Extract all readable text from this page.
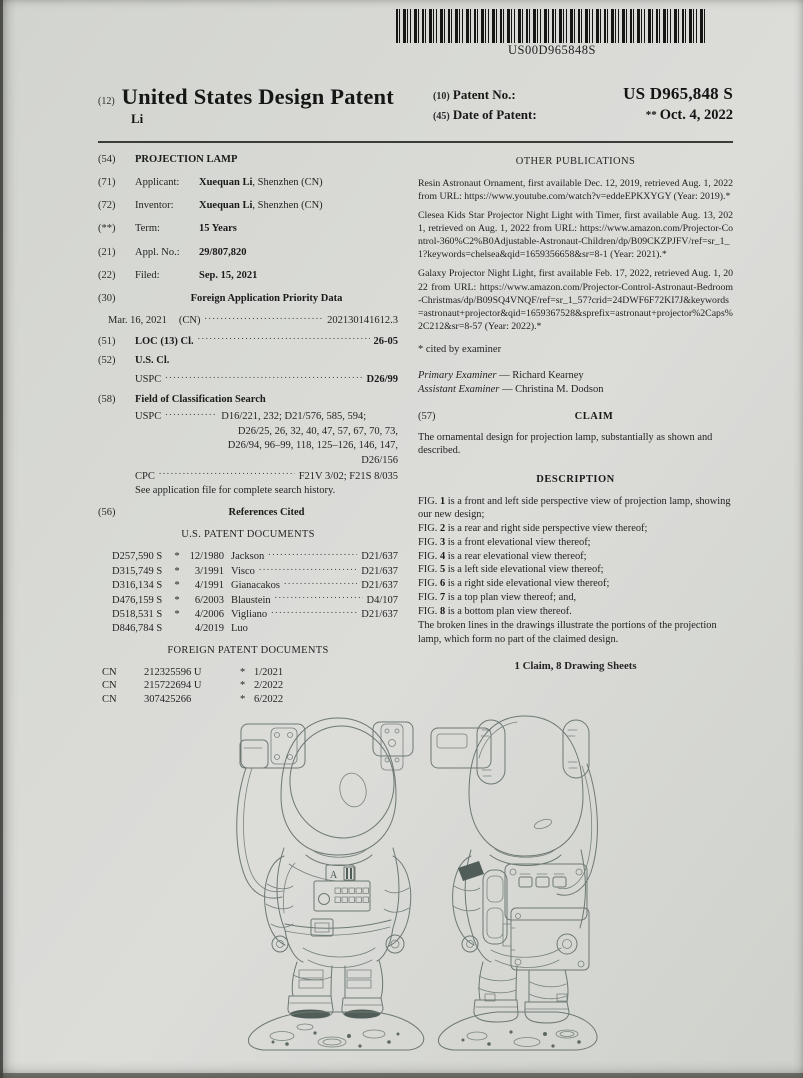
US00D965848S
(12) United States Design Patent
Li
(10) Patent No.:	US D965,848 S
(45) Date of Patent:	** Oct. 4, 2022
(54)	PROJECTION LAMP
(71)	Applicant: Xuequan Li, Shenzhen (CN)
(72)	Inventor: Xuequan Li, Shenzhen (CN)
(**)	Term:	15 Years
(21)	Appl. No.: 29/807,820
(22)	Filed:	Sep. 15, 2021
(30)	Foreign Application Priority Data
Mar. 16, 2021 (CN) .....	202130141612.3
(51)	LOC (13) Cl. .....	26-05
(52)	U.S. Cl.
USPC .....	D26/99
(58)	Field of Classification Search
USPC .....	D16/221, 232; D21/576, 585, 594;
D26/25, 26, 32, 40, 47, 57, 67, 70, 73,
D26/94, 96–99, 118, 125–126, 146, 147,
D26/156
CPC .....	F21V 3/02; F21S 8/035
See application file for complete search history.
(56)	References Cited
U.S. PATENT DOCUMENTS
D257,590 S	* 12/1980 Jackson .....	D21/637
D315,749 S	*	3/1991 Visco .....	D21/637
D316,134 S	*	4/1991 Gianacakos .....	D21/637
D476,159 S	*	6/2003 Blaustein .....	D4/107
D518,531 S	*	4/2006 Vigliano .....	D21/637
D846,784 S	4/2019 Luo
FOREIGN PATENT DOCUMENTS
CN	212325596 U	* 1/2021
CN	215722694 U	* 2/2022
CN	307425266	* 6/2022
OTHER PUBLICATIONS

Resin Astronaut Ornament, first available Dec. 12, 2019, retrieved Aug. 1, 2022 from URL: https://www.youtube.com/watch?v=eddeEPKXYGY (Year: 2019).*

Clesea Kids Star Projector Night Light with Timer, first available Aug. 13, 2021, retrieved on Aug. 1, 2022 from URL: https://www.amazon.com/Projector-Control-360%C2%B0Adjustable-Astronaut-Children/dp/B09CKZPJFV/ref=sr_1_1?keywords=chelsea&qid=1659356658&sr=8-1 (Year: 2021).*

Galaxy Projector Night Light, first available Feb. 17, 2022, retrieved Aug. 1, 2022 from URL: https://www.amazon.com/Projector-Control-Astronaut-Bedroom-Christmas/dp/B09SQ4VNQF/ref=sr_1_57?crid=24DWF6F72KI7J&keywords=astronaut+projector&qid=1659367528&sprefix=astronaut+projector%2Caps%2C212&sr=8-57 (Year: 2022).*

* cited by examiner
Primary Examiner — Richard Kearney
Assistant Examiner — Christina M. Dodson
(57)	CLAIM
The ornamental design for projection lamp, substantially as shown and described.
DESCRIPTION

FIG. 1 is a front and left side perspective view of projection lamp, showing our new design;

FIG. 2 is a rear and right side perspective view thereof;

FIG. 3 is a front elevational view thereof;

FIG. 4 is a rear elevational view thereof;

FIG. 5 is a left side elevational view thereof;

FIG. 6 is a right side elevational view thereof;

FIG. 7 is a top plan view thereof; and,

FIG. 8 is a bottom plan view thereof.

The broken lines in the drawings illustrate the portions of the projection lamp, which form no part of the claimed design.
1 Claim, 8 Drawing Sheets
A
